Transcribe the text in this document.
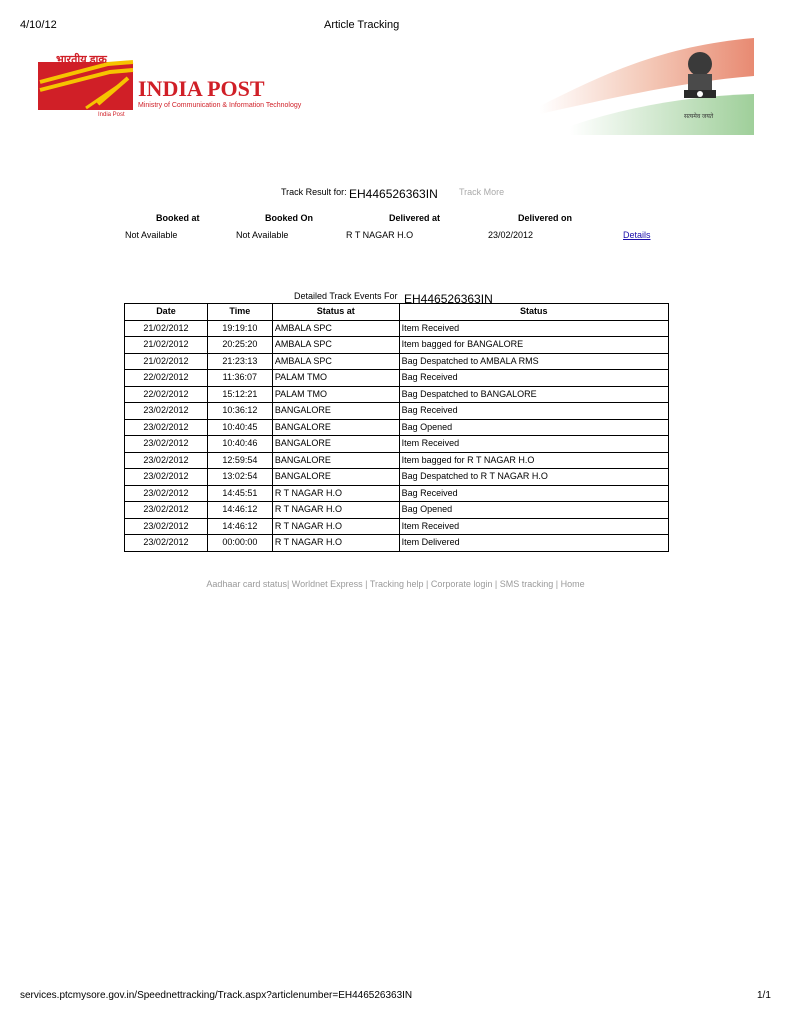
4/10/12	Article Tracking
भारतीय डाक
INDIA POST
Ministry of Communication & Information Technology
India Post	सत्यमेव जयते
Track Result for: EH446526363IN Track More
Booked at	Booked On	Delivered at	Delivered on
Not Available	Not Available	R T NAGAR H.O	23/02/2012	Details
Detailed Track Events For EH446526363IN
Date	Time	Status at	Status
21/02/2012	19:19:10	AMBALA SPC	Item Received
21/02/2012	20:25:20	AMBALA SPC	Item bagged for BANGALORE
21/02/2012	21:23:13	AMBALA SPC	Bag Despatched to AMBALA RMS
22/02/2012	11:36:07	PALAM TMO	Bag Received
22/02/2012	15:12:21	PALAM TMO	Bag Despatched to BANGALORE
23/02/2012	10:36:12	BANGALORE	Bag Received
23/02/2012	10:40:45	BANGALORE	Bag Opened
23/02/2012	10:40:46	BANGALORE	Item Received
23/02/2012	12:59:54	BANGALORE	Item bagged for R T NAGAR H.O
23/02/2012	13:02:54	BANGALORE	Bag Despatched to R T NAGAR H.O
23/02/2012	14:45:51	R T NAGAR H.O	Bag Received
23/02/2012	14:46:12	R T NAGAR H.O	Bag Opened
23/02/2012	14:46:12	R T NAGAR H.O	Item Received
23/02/2012	00:00:00	R T NAGAR H.O	Item Delivered
Aadhaar card status| Worldnet Express | Tracking help | Corporate login | SMS tracking | Home
services.ptcmysore.gov.in/Speednettracking/Track.aspx?articlenumber=EH446526363IN	1/1
